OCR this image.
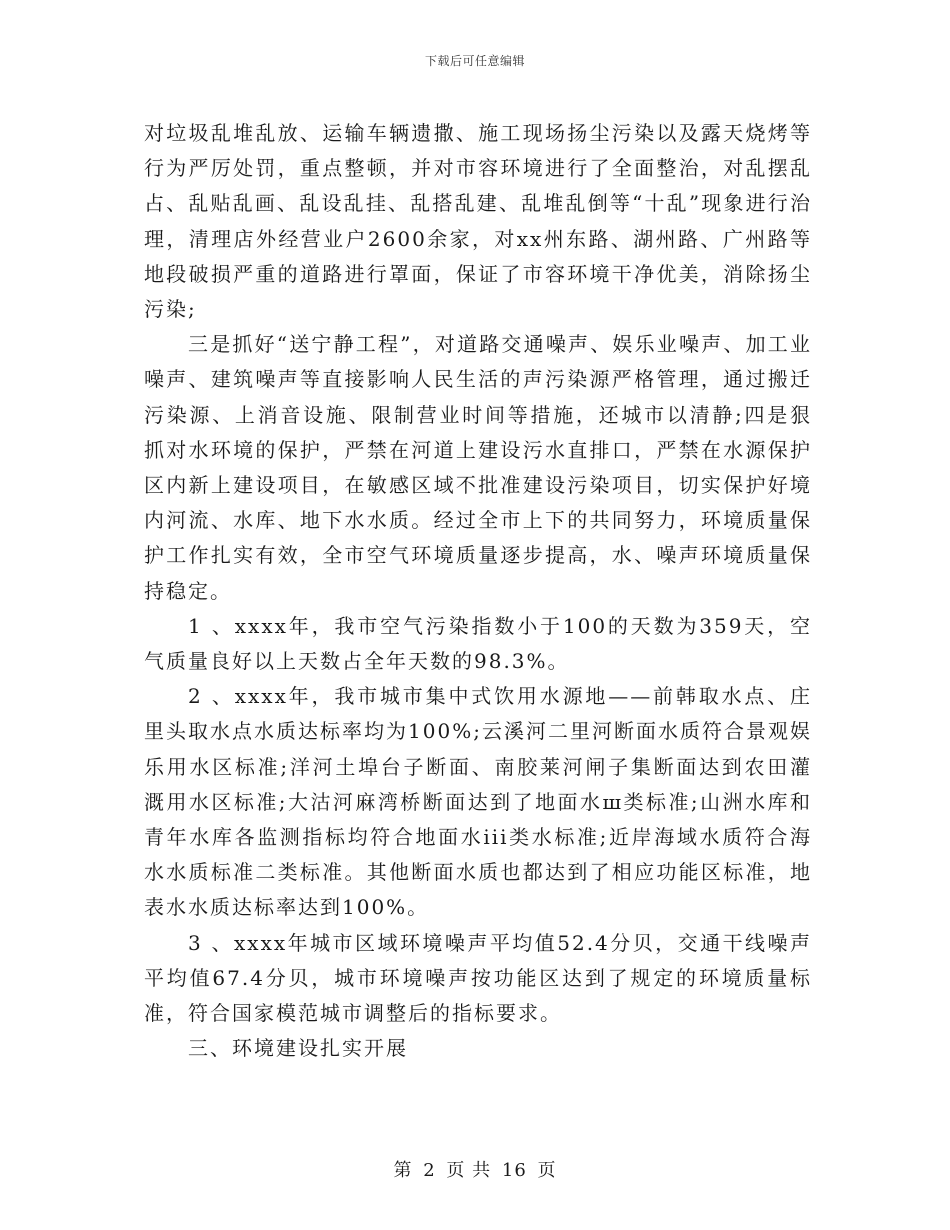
下载后可任意编辑

对垃圾乱堆乱放、运输车辆遗撒、施工现场扬尘污染以及露天烧烤等行为严厉处罚，重点整顿，并对市容环境进行了全面整治，对乱摆乱占、乱贴乱画、乱设乱挂、乱搭乱建、乱堆乱倒等“十乱”现象进行治理，清理店外经营业户2600余家，对xx州东路、湖州路、广州路等地段破损严重的道路进行罩面，保证了市容环境干净优美，消除扬尘污染;

三是抓好“送宁静工程”，对道路交通噪声、娱乐业噪声、加工业噪声、建筑噪声等直接影响人民生活的声污染源严格管理，通过搬迁污染源、上消音设施、限制营业时间等措施，还城市以清静;四是狠抓对水环境的保护，严禁在河道上建设污水直排口，严禁在水源保护区内新上建设项目，在敏感区域不批准建设污染项目，切实保护好境内河流、水库、地下水水质。经过全市上下的共同努力，环境质量保护工作扎实有效，全市空气环境质量逐步提高，水、噪声环境质量保持稳定。

1 、xxxx年，我市空气污染指数小于100的天数为359天，空气质量良好以上天数占全年天数的98.3%。

2 、xxxx年，我市城市集中式饮用水源地——前韩取水点、庄里头取水点水质达标率均为100%;云溪河二里河断面水质符合景观娱乐用水区标准;洋河土埠台子断面、南胶莱河闸子集断面达到农田灌溉用水区标准;大沽河麻湾桥断面达到了地面水ш类标准;山洲水库和青年水库各监测指标均符合地面水iii类水标准;近岸海域水质符合海水水质标准二类标准。其他断面水质也都达到了相应功能区标准，地表水水质达标率达到100%。

3 、xxxx年城市区域环境噪声平均值52.4分贝，交通干线噪声平均值67.4分贝，城市环境噪声按功能区达到了规定的环境质量标准，符合国家模范城市调整后的指标要求。

三、环境建设扎实开展

第 2 页 共 16 页
